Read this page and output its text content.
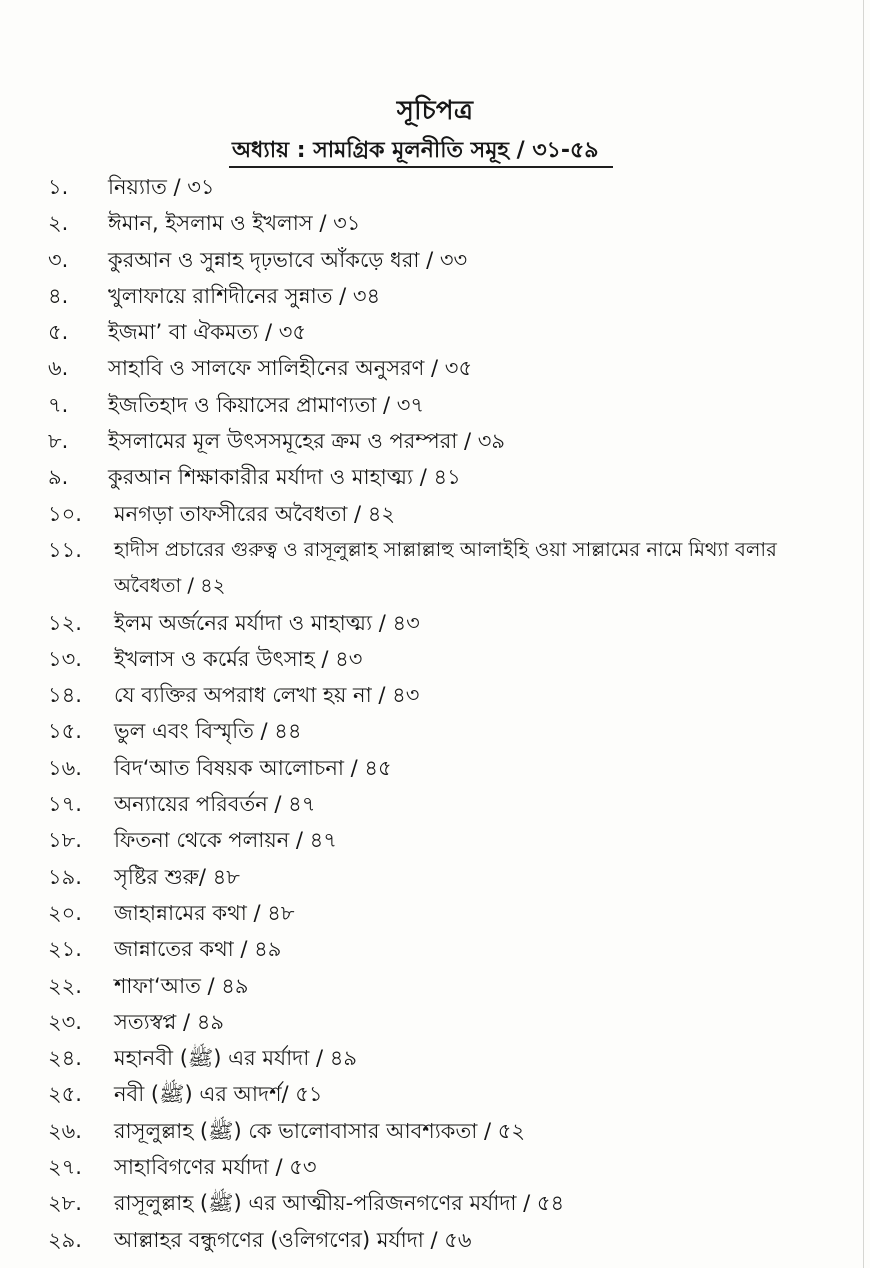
সূচিপত্র
অধ্যায় : সামগ্রিক মূলনীতি সমূহ / ৩১-৫৯
১.	নিয়্যাত / ৩১
২.	ঈমান, ইসলাম ও ইখলাস / ৩১
৩.	কুরআন ও সুন্নাহ দৃঢ়ভাবে আঁকড়ে ধরা / ৩৩
৪.	খুলাফায়ে রাশিদীনের সুন্নাত / ৩৪
৫.	ইজমা’ বা ঐকমত্য / ৩৫
৬.	সাহাবি ও সালফে সালিহীনের অনুসরণ / ৩৫
৭.	ইজতিহাদ ও কিয়াসের প্রামাণ্যতা / ৩৭
৮.	ইসলামের মূল উৎসসমূহের ক্রম ও পরম্পরা / ৩৯
৯.	কুরআন শিক্ষাকারীর মর্যাদা ও মাহাত্ম্য / ৪১
১০.	মনগড়া তাফসীরের অবৈধতা / ৪২
১১.	হাদীস প্রচারের গুরুত্ব ও রাসূলুল্লাহ সাল্লাল্লাহু আলাইহি ওয়া সাল্লামের নামে মিথ্যা বলার অবৈধতা / ৪২
১২.	ইলম অর্জনের মর্যাদা ও মাহাত্ম্য / ৪৩
১৩.	ইখলাস ও কর্মের উৎসাহ / ৪৩
১৪.	যে ব্যক্তির অপরাধ লেখা হয় না / ৪৩
১৫.	ভুল এবং বিস্মৃতি / ৪৪
১৬.	বিদ‘আত বিষয়ক আলোচনা / ৪৫
১৭.	অন্যায়ের পরিবর্তন / ৪৭
১৮.	ফিতনা থেকে পলায়ন / ৪৭
১৯.	সৃষ্টির শুরু/ ৪৮
২০.	জাহান্নামের কথা / ৪৮
২১.	জান্নাতের কথা / ৪৯
২২.	শাফা‘আত / ৪৯
২৩.	সত্যস্বপ্ন / ৪৯
২৪.	মহানবী (ﷺ) এর মর্যাদা / ৪৯
২৫.	নবী (ﷺ) এর আদর্শ/ ৫১
২৬.	রাসূলুল্লাহ (ﷺ) কে ভালোবাসার আবশ্যকতা / ৫২
২৭.	সাহাবিগণের মর্যাদা / ৫৩
২৮.	রাসূলুল্লাহ (ﷺ) এর আত্মীয়-পরিজনগণের মর্যাদা / ৫৪
২৯.	আল্লাহর বন্ধুগণের (ওলিগণের) মর্যাদা / ৫৬
